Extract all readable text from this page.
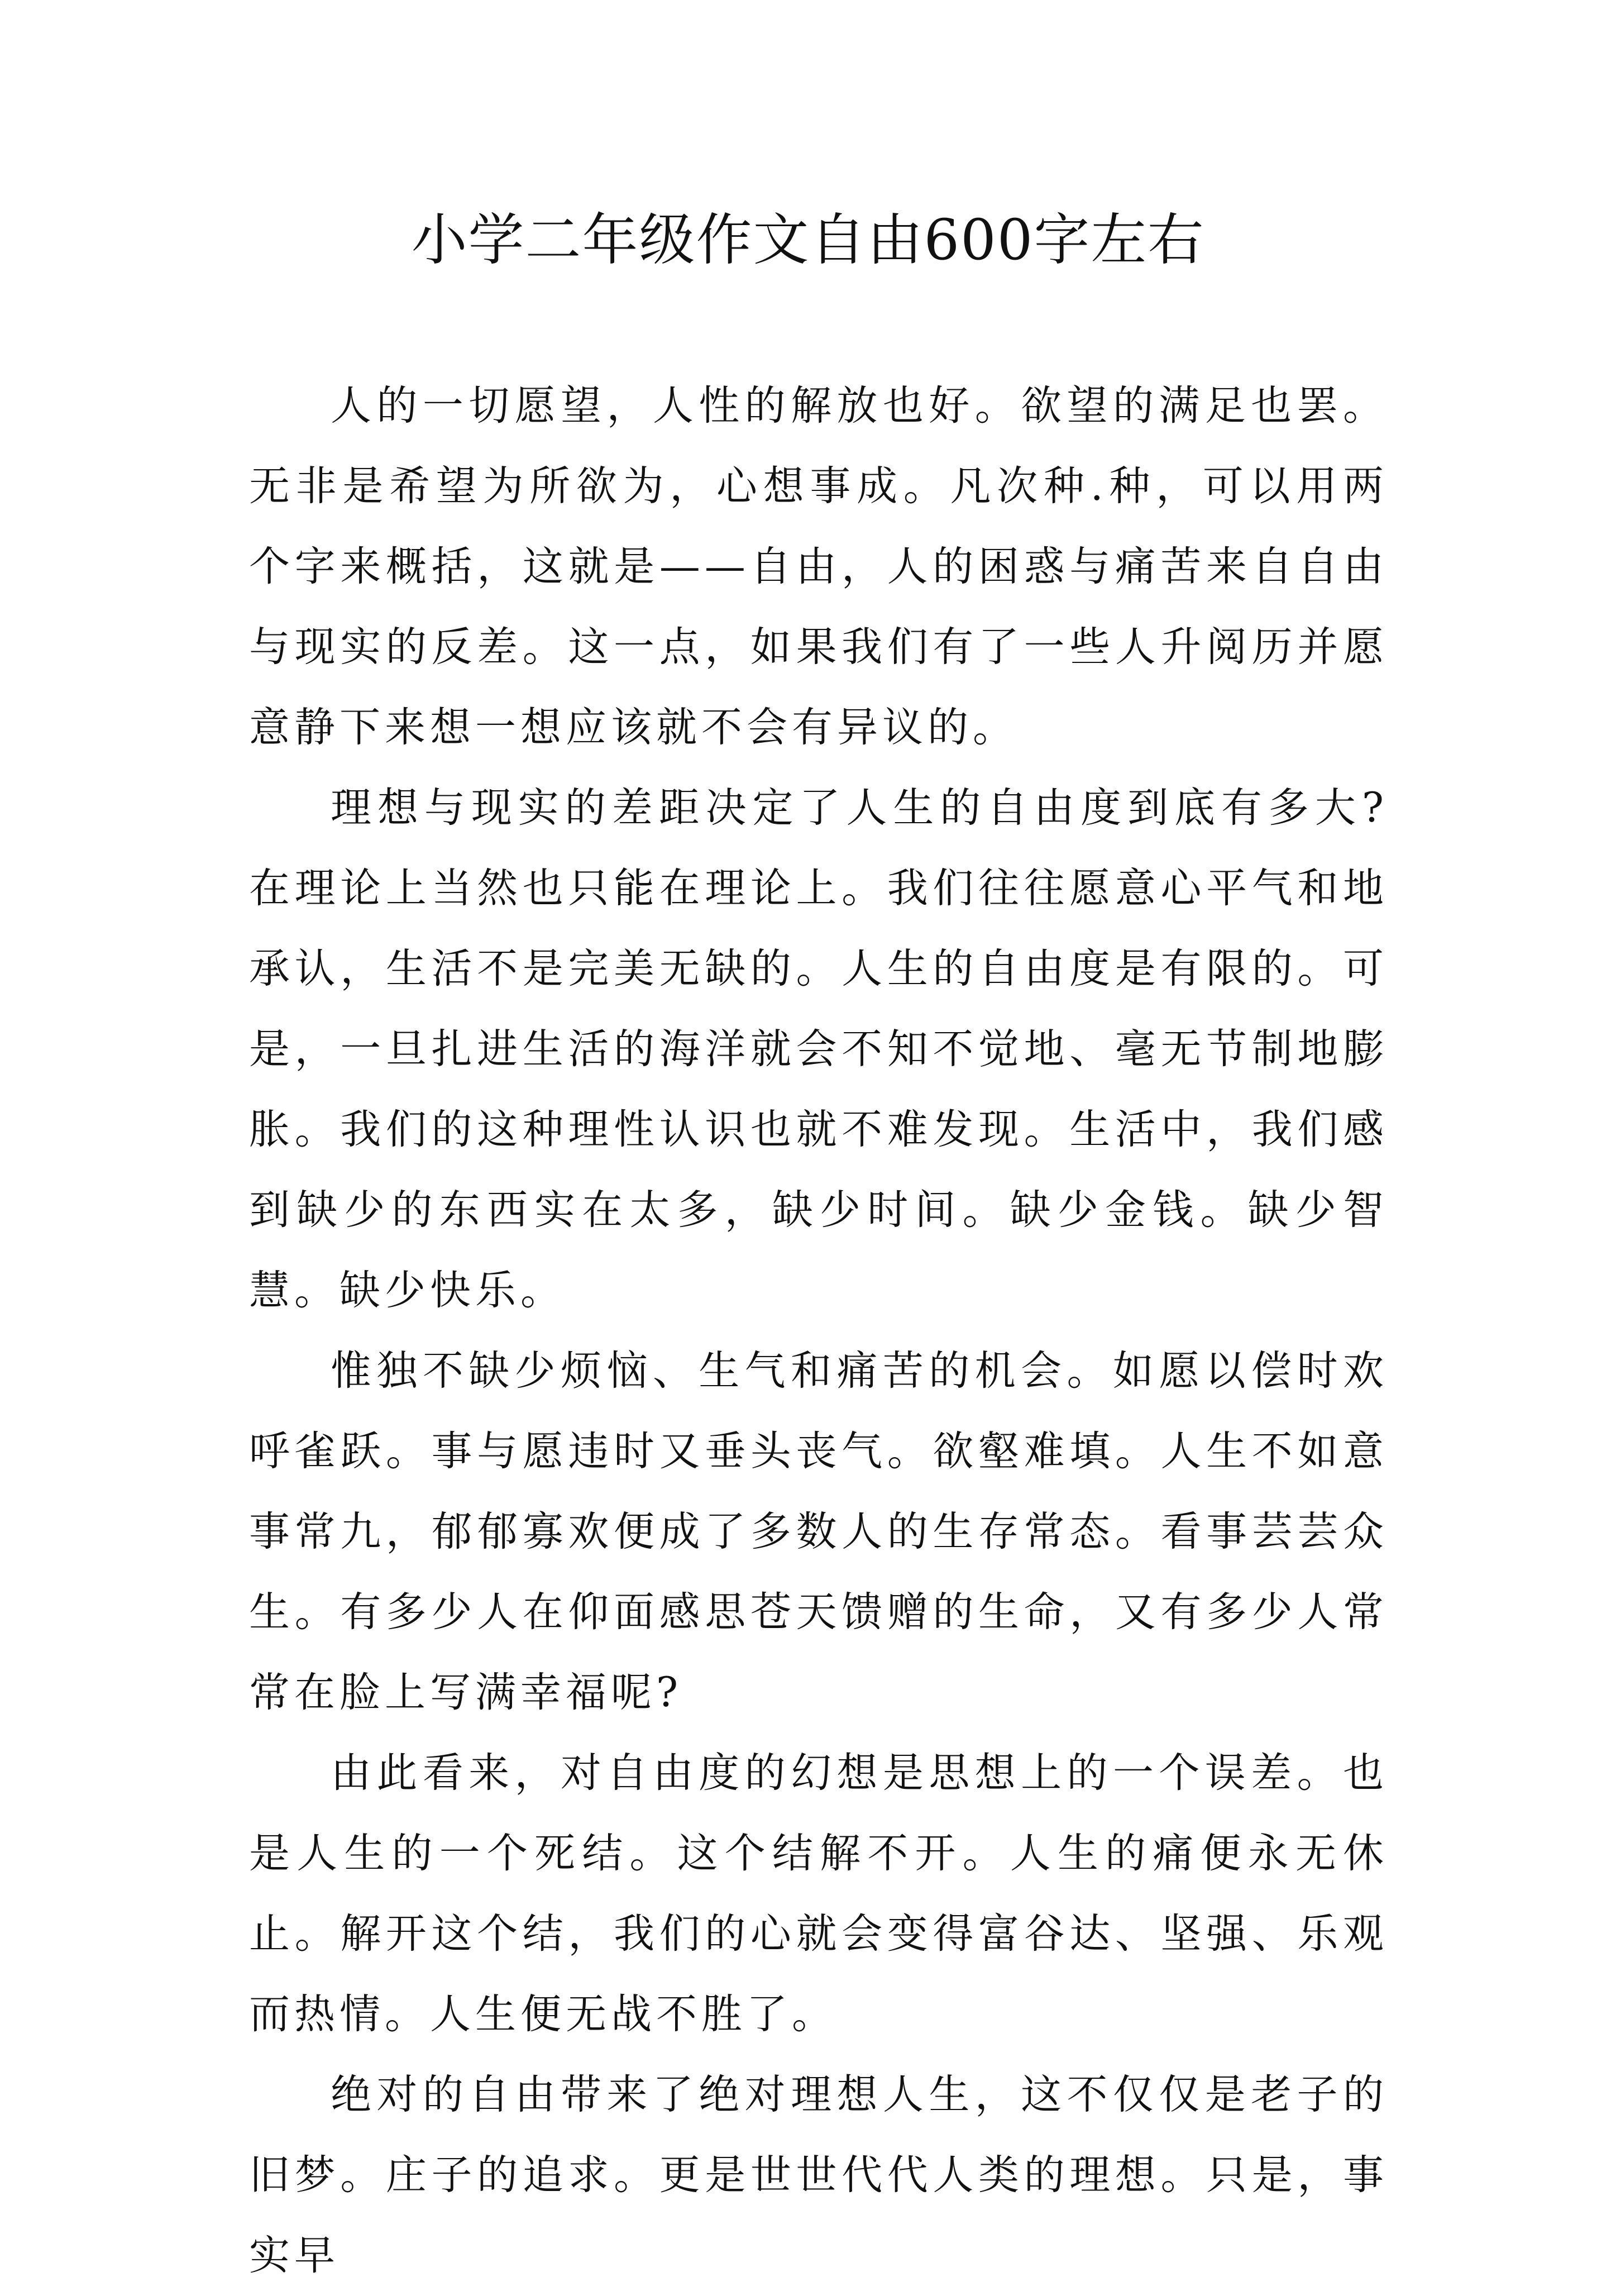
小学二年级作文自由600字左右

人的一切愿望，人性的解放也好。欲望的满足也罢。无非是希望为所欲为，心想事成。凡次种.种，可以用两个字来概括，这就是——自由，人的困惑与痛苦来自自由与现实的反差。这一点，如果我们有了一些人升阅历并愿意静下来想一想应该就不会有异议的。

理想与现实的差距决定了人生的自由度到底有多大?在理论上当然也只能在理论上。我们往往愿意心平气和地承认，生活不是完美无缺的。人生的自由度是有限的。可是，一旦扎进生活的海洋就会不知不觉地、毫无节制地膨胀。我们的这种理性认识也就不难发现。生活中，我们感到缺少的东西实在太多，缺少时间。缺少金钱。缺少智慧。缺少快乐。

惟独不缺少烦恼、生气和痛苦的机会。如愿以偿时欢呼雀跃。事与愿违时又垂头丧气。欲壑难填。人生不如意事常九，郁郁寡欢便成了多数人的生存常态。看事芸芸众生。有多少人在仰面感思苍天馈赠的生命，又有多少人常常在脸上写满幸福呢?

由此看来，对自由度的幻想是思想上的一个误差。也是人生的一个死结。这个结解不开。人生的痛便永无休止。解开这个结，我们的心就会变得富谷达、坚强、乐观而热情。人生便无战不胜了。

绝对的自由带来了绝对理想人生，这不仅仅是老子的旧梦。庄子的追求。更是世世代代人类的理想。只是，事实早
